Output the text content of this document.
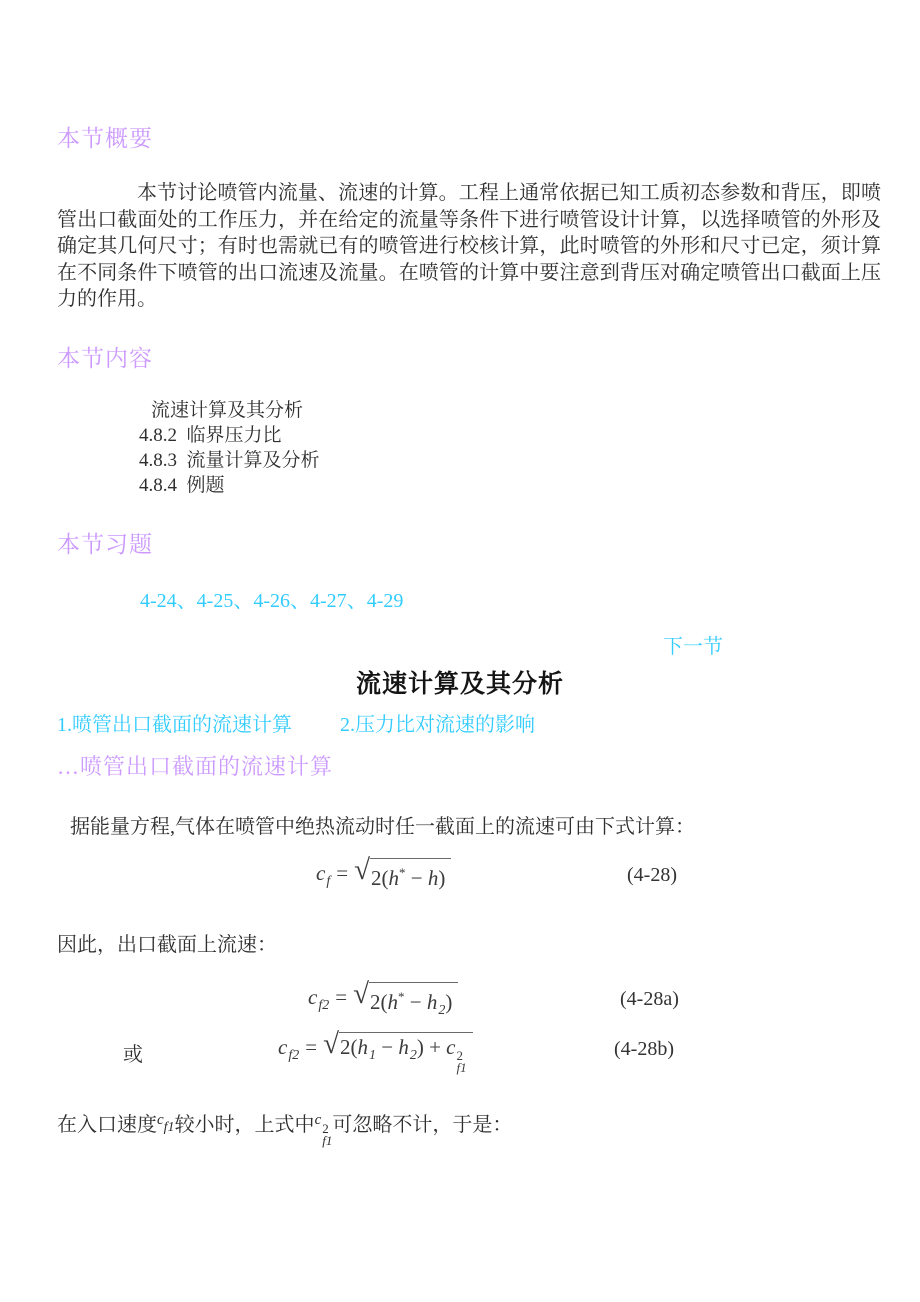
本节概要
本节讨论喷管内流量、流速的计算。工程上通常依据已知工质初态参数和背压，即喷管出口截面处的工作压力，并在给定的流量等条件下进行喷管设计计算，以选择喷管的外形及确定其几何尺寸；有时也需就已有的喷管进行校核计算，此时喷管的外形和尺寸已定，须计算在不同条件下喷管的出口流速及流量。在喷管的计算中要注意到背压对确定喷管出口截面上压力的作用。
本节内容
流速计算及其分析
4.8.2  临界压力比
4.8.3  流量计算及分析
4.8.4  例题
本节习题
4-24、4-25、4-26、4-27、4-29
下一节
流速计算及其分析
1.喷管出口截面的流速计算 2.压力比对流速的影响
…喷管出口截面的流速计算
据能量方程,气体在喷管中绝热流动时任一截面上的流速可由下式计算：
$c_f$ = √ 2(h* − h)	(4-28)
因此，出口截面上流速：
$c_{f2}$ = √ $2(h^* - h_2)$	(4-28a)
或	$c_{f2}$ = √ $2(h_1 - h_2) + c$ 2
f1
(4-28b)
在入口速度$^c$f1较小时，上式中$^c$
2
f1
可忽略不计，于是：
